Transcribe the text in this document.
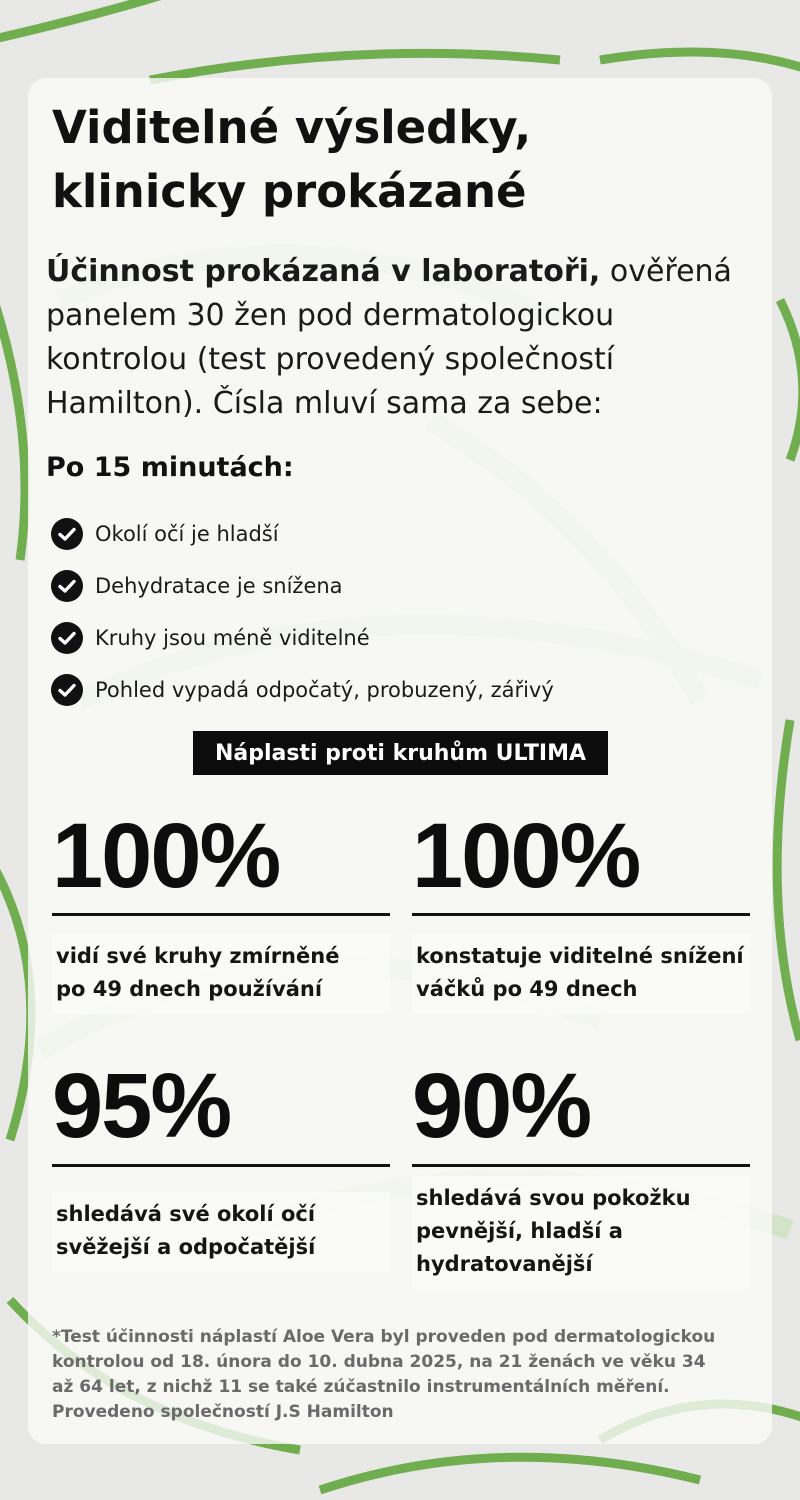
Viditelné výsledky,
klinicky prokázané
Účinnost prokázaná v laboratoři, ověřená panelem 30 žen pod dermatologickou kontrolou (test provedený společností Hamilton). Čísla mluví sama za sebe:
Po 15 minutách:
Okolí očí je hladší
Dehydratace je snížena
Kruhy jsou méně viditelné
Pohled vypadá odpočatý, probuzený, zářivý
Náplasti proti kruhům ULTIMA
100%
vidí své kruhy zmírněné
po 49 dnech používání
100%
konstatuje viditelné snížení
váčků po 49 dnech
95%
shledává své okolí očí
svěžejší a odpočatější
90%
shledává svou pokožku
pevnější, hladší a
hydratovanější
*Test účinnosti náplastí Aloe Vera byl proveden pod dermatologickou kontrolou od 18. února do 10. dubna 2025, na 21 ženách ve věku 34 až 64 let, z nichž 11 se také zúčastnilo instrumentálních měření. Provedeno společností J.S Hamilton
